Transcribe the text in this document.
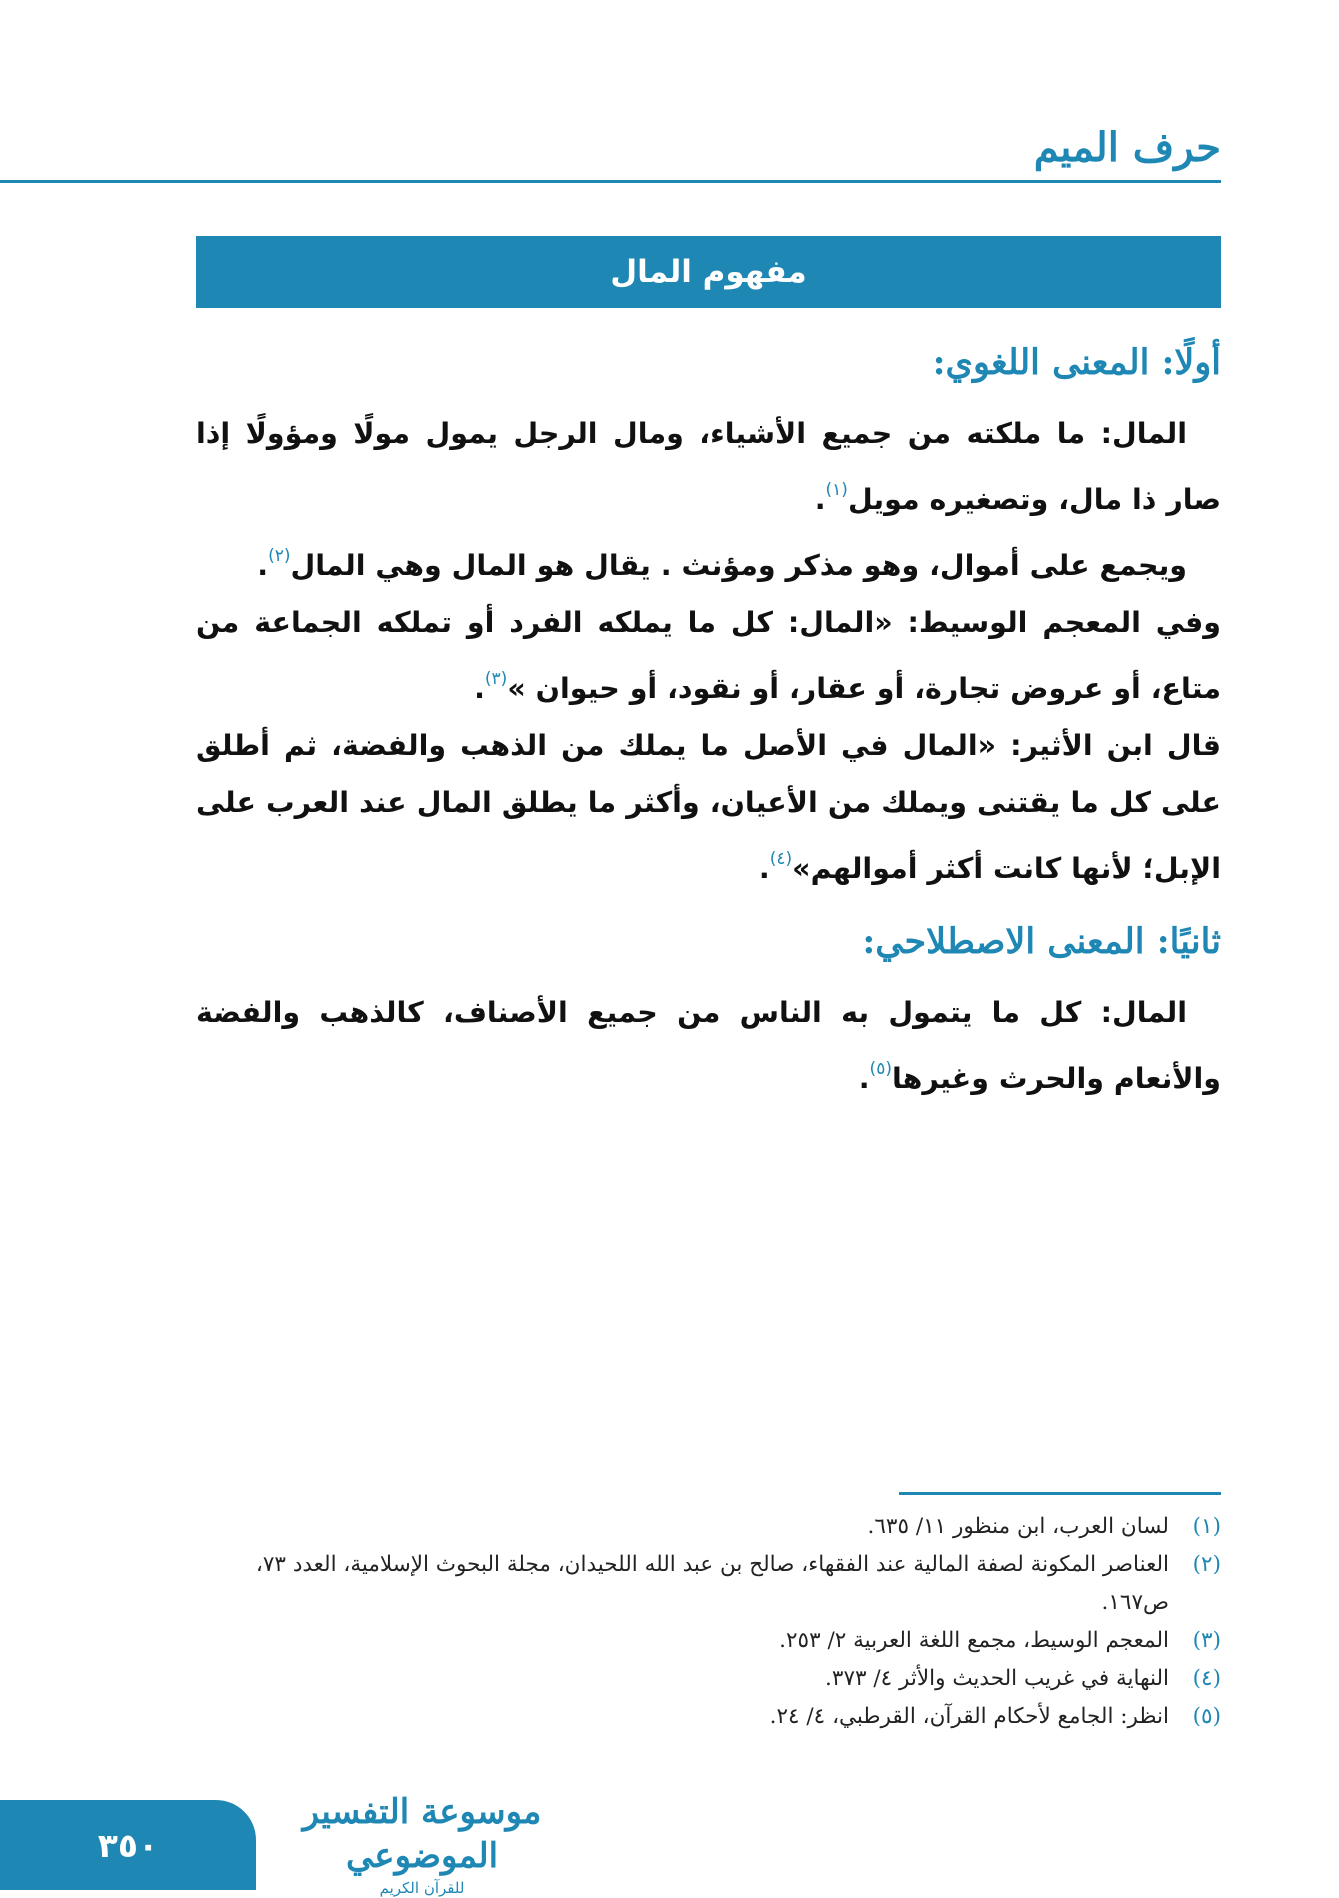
حرف الميم
مفهوم المال
أولًا: المعنى اللغوي:

المال: ما ملكته من جميع الأشياء، ومال الرجل يمول مولًا ومؤولًا إذا صار ذا مال، وتصغيره مويل$^{(١)}$.

ويجمع على أموال، وهو مذكر ومؤنث . يقال هو المال وهي المال$^{(٢)}$.

وفي المعجم الوسيط: «المال: كل ما يملكه الفرد أو تملكه الجماعة من متاع، أو عروض تجارة، أو عقار، أو نقود، أو حيوان »$^{(٣)}$.

قال ابن الأثير: «المال في الأصل ما يملك من الذهب والفضة، ثم أطلق على كل ما يقتنى ويملك من الأعيان، وأكثر ما يطلق المال عند العرب على الإبل؛ لأنها كانت أكثر أموالهم»$^{(٤)}$.

ثانيًا: المعنى الاصطلاحي:

المال: كل ما يتمول به الناس من جميع الأصناف، كالذهب والفضة والأنعام والحرث وغيرها$^{(٥)}$.

(١)
لسان العرب، ابن منظور ١١/ ٦٣٥.
(٢)
العناصر المكونة لصفة المالية عند الفقهاء، صالح بن عبد الله اللحيدان، مجلة البحوث الإسلامية، العدد ٧٣، ص١٦٧.
(٣)
المعجم الوسيط، مجمع اللغة العربية ٢/ ٢٥٣.
(٤)
النهاية في غريب الحديث والأثر ٤/ ٣٧٣.
(٥)
انظر: الجامع لأحكام القرآن، القرطبي، ٤/ ٢٤.
موسوعة التفسير الموضوعي
للقرآن الكريم
٣٥٠
